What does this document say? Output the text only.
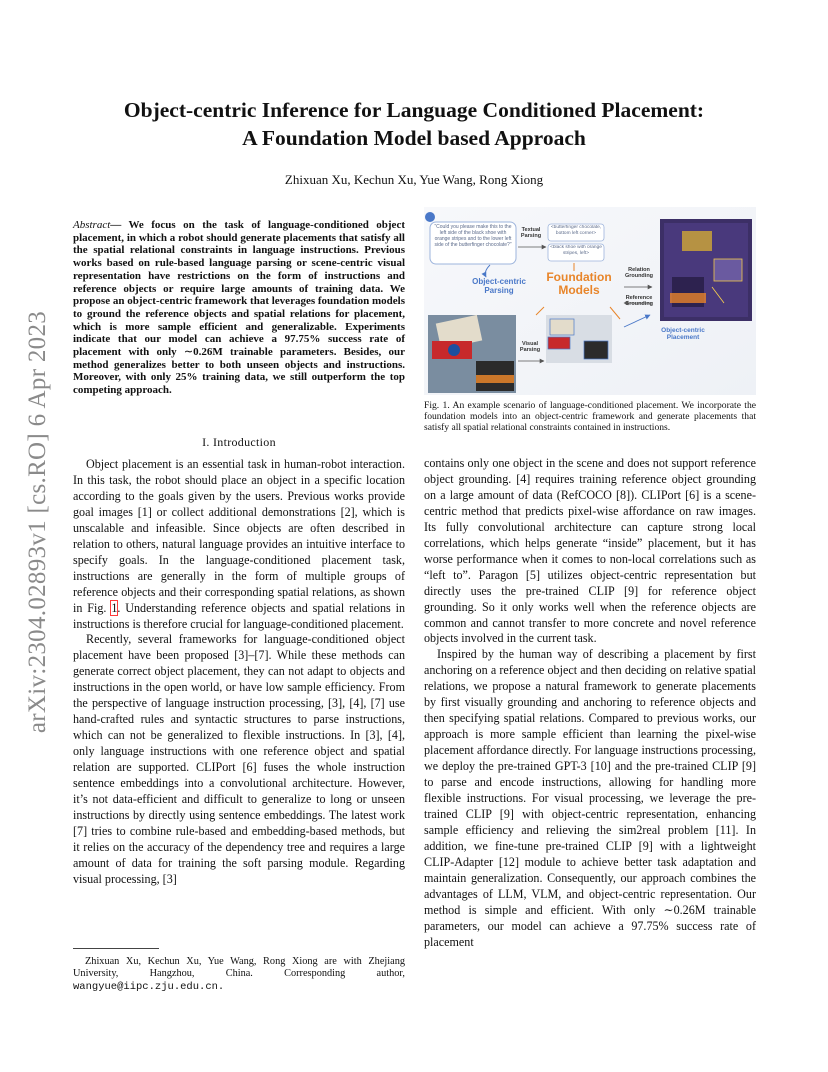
arXiv:2304.02893v1 [cs.RO] 6 Apr 2023
Object-centric Inference for Language Conditioned Placement:
A Foundation Model based Approach
Zhixuan Xu, Kechun Xu, Yue Wang, Rong Xiong
Abstract— We focus on the task of language-conditioned object placement, in which a robot should generate placements that satisfy all the spatial relational constraints in language instructions. Previous works based on rule-based language parsing or scene-centric visual representation have restrictions on the form of instructions and reference objects or require large amounts of training data. We propose an object-centric framework that leverages foundation models to ground the reference objects and spatial relations for placement, which is more sample efficient and generalizable. Experiments indicate that our model can achieve a 97.75% success rate of placement with only ∼0.26M trainable parameters. Besides, our method generalizes better to both unseen objects and instructions. Moreover, with only 25% training data, we still outperform the top competing approach.
I. Introduction

Object placement is an essential task in human-robot interaction. In this task, the robot should place an object in a specific location according to the goals given by the users. Previous works provide goal images [1] or collect additional demonstrations [2], which is unscalable and infeasible. Since objects are often described in relation to others, natural language provides an intuitive interface to specify goals. In the language-conditioned placement task, instructions are generally in the form of multiple groups of reference objects and their corresponding spatial relations, as shown in Fig. 1. Understanding reference objects and spatial relations in instructions is therefore crucial for language-conditioned placement.

Recently, several frameworks for language-conditioned object placement have been proposed [3]–[7]. While these methods can generate correct object placement, they can not adapt to objects and instructions in the open world, or have low sample efficiency. From the perspective of language instruction processing, [3], [4], [7] use hand-crafted rules and syntactic structures to parse instructions, which can not be generalized to flexible instructions. In [3], [4], only language instructions with one reference object and spatial relation are supported. CLIPort [6] fuses the whole instruction sentence embeddings into a convolutional architecture. However, it’s not data-efficient and difficult to generalize to long or unseen instructions by directly using sentence embeddings. The latest work [7] tries to combine rule-based and embedding-based methods, but it relies on the accuracy of the dependency tree and requires a large amount of data for training the soft parsing module. Regarding visual processing, [3]

Zhixuan Xu, Kechun Xu, Yue Wang, Rong Xiong are with Zhejiang University, Hangzhou, China. Corresponding author, wangyue@iipc.zju.edu.cn.

“Could you please make this to the left side of the black shoe with orange stripes and to the lower left side of the butterfinger chocolate?”
Textual Parsing
<butterfinger chocolate, bottom left corner>
<black shoe with orange stripes, left>
Object-centric Parsing
Foundation Models
Relation Grounding
Reference Grounding
Visual Parsing
Object-centric Placement
Fig. 1. An example scenario of language-conditioned placement. We incorporate the foundation models into an object-centric framework and generate placements that satisfy all spatial relational constraints contained in instructions.

contains only one object in the scene and does not support reference object grounding. [4] requires training reference object grounding on a large amount of data (RefCOCO [8]). CLIPort [6] is a scene-centric method that predicts pixel-wise affordance on raw images. Its fully convolutional architecture can capture strong local correlations, which helps generate “inside” placement, but it has worse performance when it comes to non-local correlations such as “left to”. Paragon [5] utilizes object-centric representation but directly uses the pre-trained CLIP [9] for reference object grounding. So it only works well when the reference objects are common and cannot transfer to more concrete and novel reference objects involved in the current task.

Inspired by the human way of describing a placement by first anchoring on a reference object and then deciding on relative spatial relations, we propose a natural framework to generate placements by first visually grounding and anchoring to reference objects and then specifying spatial relations. Compared to previous works, our approach is more sample efficient than learning the pixel-wise placement affordance directly. For language instructions processing, we deploy the pre-trained GPT-3 [10] and the pre-trained CLIP [9] to parse and encode instructions, allowing for handling more flexible instructions. For visual processing, we leverage the pre-trained CLIP [9] with object-centric representation, enhancing sample efficiency and relieving the sim2real problem [11]. In addition, we fine-tune pre-trained CLIP [9] with a lightweight CLIP-Adapter [12] module to achieve better task adaptation and maintain generalization. Consequently, our approach combines the advantages of LLM, VLM, and object-centric representation. Our method is simple and efficient. With only ∼0.26M trainable parameters, our model can achieve a 97.75% success rate of placement
